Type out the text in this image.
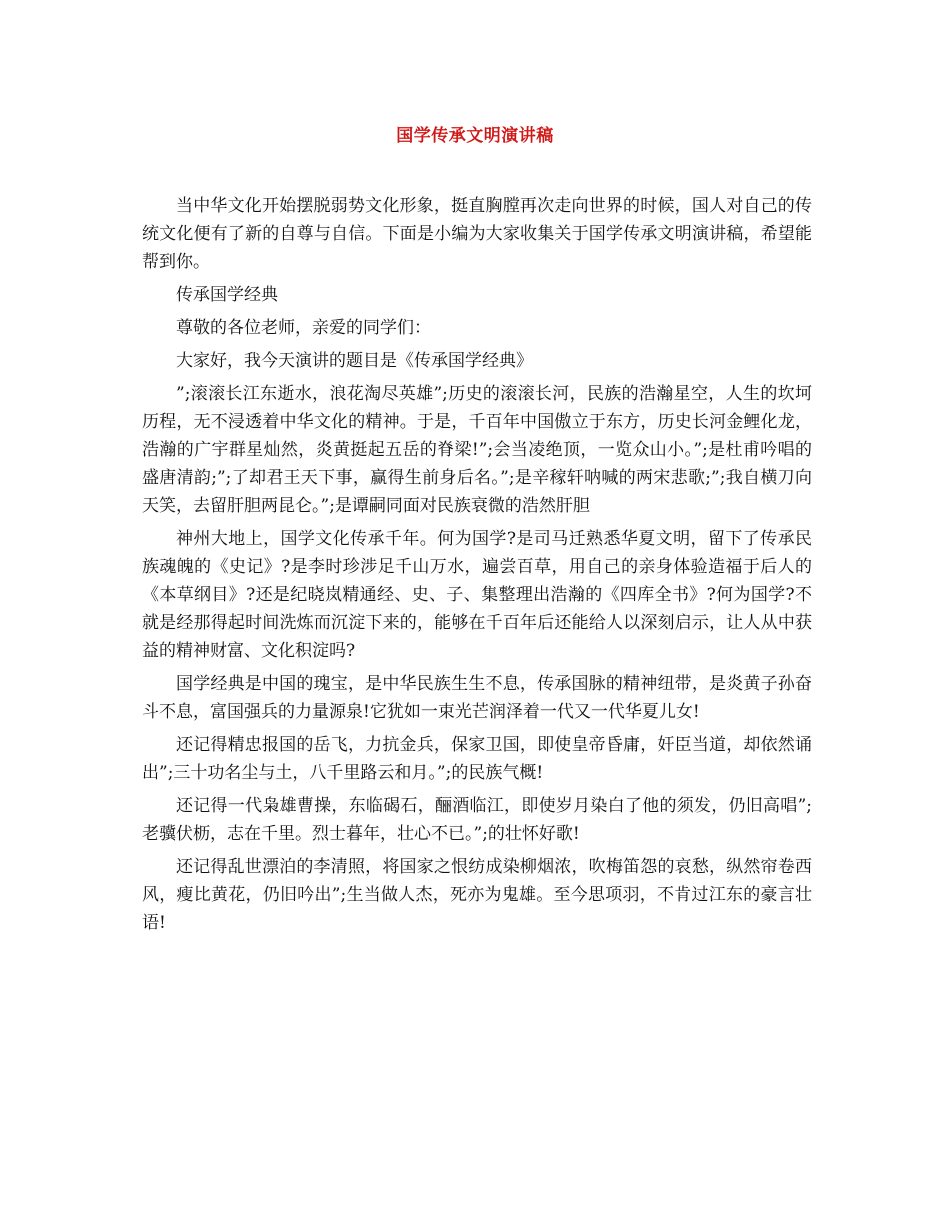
国学传承文明演讲稿

当中华文化开始摆脱弱势文化形象，挺直胸膛再次走向世界的时候，国人对自己的传统文化便有了新的自尊与自信。下面是小编为大家收集关于国学传承文明演讲稿，希望能帮到你。

传承国学经典

尊敬的各位老师，亲爱的同学们：

大家好，我今天演讲的题目是《传承国学经典》

”;滚滚长江东逝水，浪花淘尽英雄”;历史的滚滚长河，民族的浩瀚星空，人生的坎坷历程，无不浸透着中华文化的精神。于是，千百年中国傲立于东方，历史长河金鲤化龙，浩瀚的广宇群星灿然，炎黄挺起五岳的脊梁!”;会当凌绝顶，一览众山小。”;是杜甫吟唱的盛唐清韵;”;了却君王天下事，赢得生前身后名。”;是辛稼轩呐喊的两宋悲歌;”;我自横刀向天笑，去留肝胆两昆仑。”;是谭嗣同面对民族衰微的浩然肝胆

神州大地上，国学文化传承千年。何为国学?是司马迁熟悉华夏文明，留下了传承民族魂魄的《史记》?是李时珍涉足千山万水，遍尝百草，用自己的亲身体验造福于后人的《本草纲目》?还是纪晓岚精通经、史、子、集整理出浩瀚的《四库全书》?何为国学?不就是经那得起时间洗炼而沉淀下来的，能够在千百年后还能给人以深刻启示，让人从中获益的精神财富、文化积淀吗?

国学经典是中国的瑰宝，是中华民族生生不息，传承国脉的精神纽带，是炎黄子孙奋斗不息，富国强兵的力量源泉!它犹如一束光芒润泽着一代又一代华夏儿女!

还记得精忠报国的岳飞，力抗金兵，保家卫国，即使皇帝昏庸，奸臣当道，却依然诵出”;三十功名尘与土，八千里路云和月。”;的民族气概!

还记得一代枭雄曹操，东临碣石，酾酒临江，即使岁月染白了他的须发，仍旧高唱”;老骥伏枥，志在千里。烈士暮年，壮心不已。”;的壮怀好歌!

还记得乱世漂泊的李清照，将国家之恨纺成染柳烟浓，吹梅笛怨的哀愁，纵然帘卷西风，瘦比黄花，仍旧吟出”;生当做人杰，死亦为鬼雄。至今思项羽，不肯过江东的豪言壮语!
